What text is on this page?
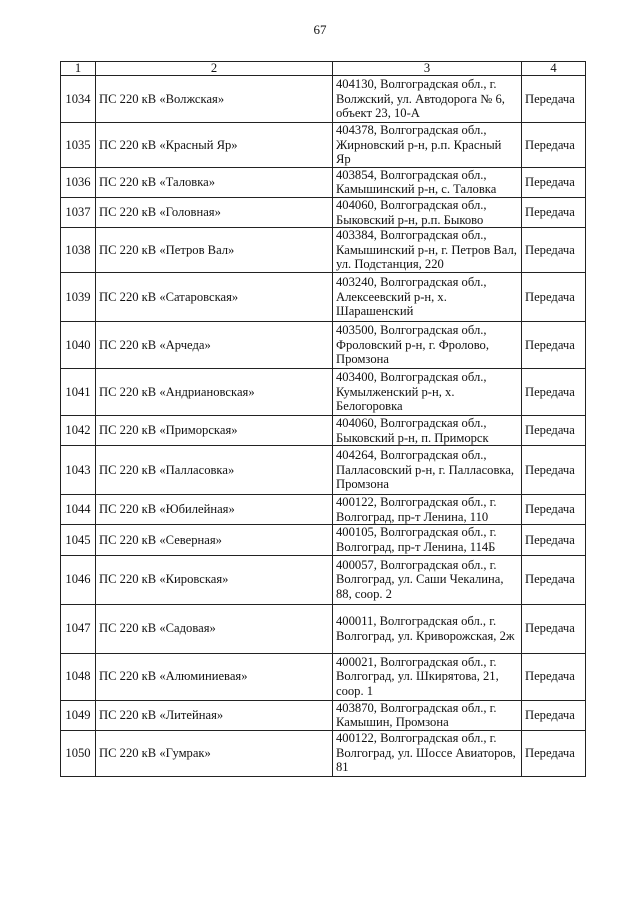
67
1	2	3	4
1034	ПС 220 кВ «Волжская»	404130, Волгоградская обл., г. Волжский, ул. Автодорога № 6, объект 23, 10-А	Передача
1035	ПС 220 кВ «Красный Яр»	404378, Волгоградская обл., Жирновский р-н, р.п. Красный Яр	Передача
1036	ПС 220 кВ «Таловка»	403854, Волгоградская обл., Камышинский р-н, с. Таловка	Передача
1037	ПС 220 кВ «Головная»	404060, Волгоградская обл., Быковский р-н, р.п. Быково	Передача
1038	ПС 220 кВ «Петров Вал»	403384, Волгоградская обл., Камышинский р-н, г. Петров Вал, ул. Подстанция, 220	Передача
1039	ПС 220 кВ «Сатаровская»	403240, Волгоградская обл., Алексеевский р-н, х. Шарашенский	Передача
1040	ПС 220 кВ «Арчеда»	403500, Волгоградская обл., Фроловский р-н, г. Фролово, Промзона	Передача
1041	ПС 220 кВ «Андриановская»	403400, Волгоградская обл., Кумылженский р-н, х. Белогоровка	Передача
1042	ПС 220 кВ «Приморская»	404060, Волгоградская обл., Быковский р-н, п. Приморск	Передача
1043	ПС 220 кВ «Палласовка»	404264, Волгоградская обл., Палласовский р-н, г. Палласовка, Промзона	Передача
1044	ПС 220 кВ «Юбилейная»	400122, Волгоградская обл., г. Волгоград, пр-т Ленина, 110	Передача
1045	ПС 220 кВ «Северная»	400105, Волгоградская обл., г. Волгоград, пр-т Ленина, 114Б	Передача
1046	ПС 220 кВ «Кировская»	400057, Волгоградская обл., г. Волгоград, ул. Саши Чекалина, 88, соор. 2	Передача
1047	ПС 220 кВ «Садовая»	400011, Волгоградская обл., г. Волгоград, ул. Криворожская, 2ж	Передача
1048	ПС 220 кВ «Алюминиевая»	400021, Волгоградская обл., г. Волгоград, ул. Шкирятова, 21, соор. 1	Передача
1049	ПС 220 кВ «Литейная»	403870, Волгоградская обл., г. Камышин, Промзона	Передача
1050	ПС 220 кВ «Гумрак»	400122, Волгоградская обл., г. Волгоград, ул. Шоссе Авиаторов, 81	Передача
